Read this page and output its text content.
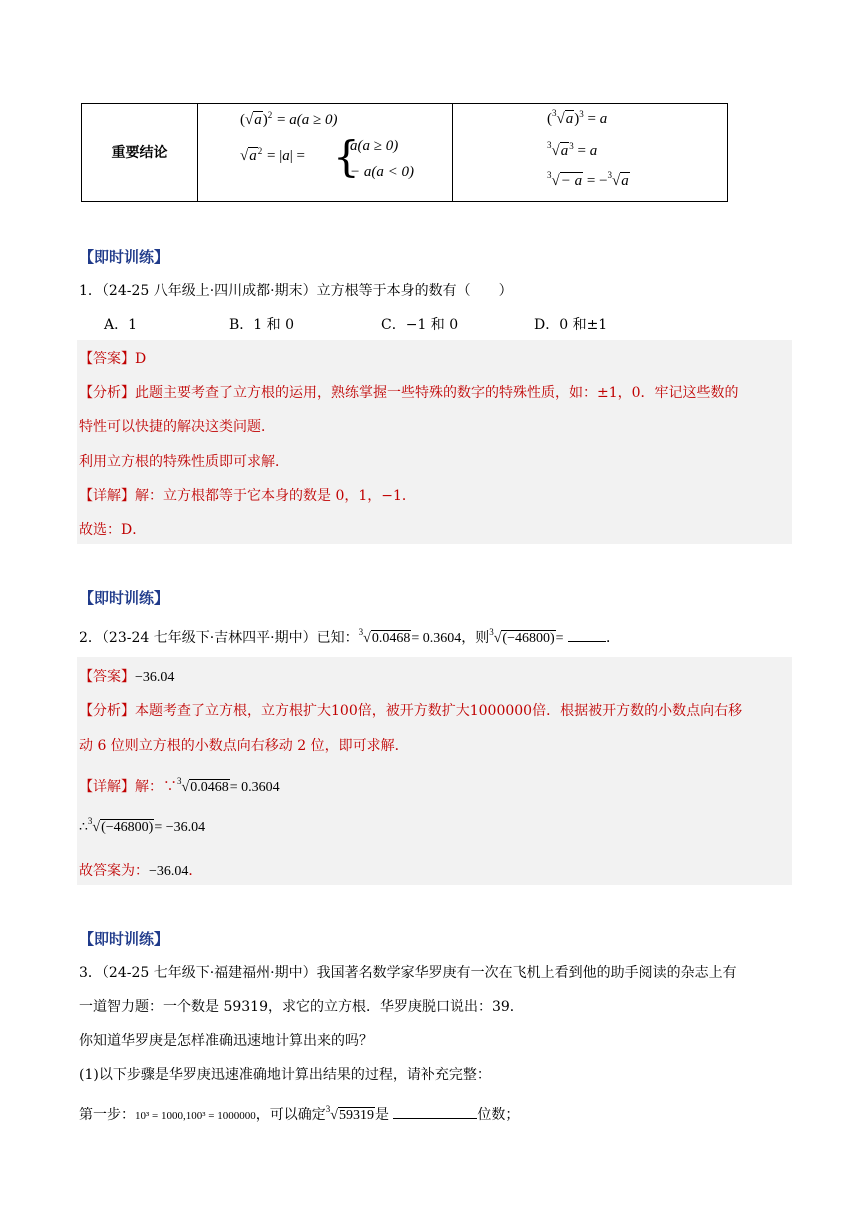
重要结论

$(√a)^2 = a(a \ge 0)$
$√a^2 = |a|$ = {
a(a ≥ 0)
− a(a < 0)

$(^3√a)^3 = a$
$^3√a^3 = a$
$^3$√− a = −$^3$√a
【即时训练】
1．（24-25 八年级上·四川成都·期末）立方根等于本身的数有（　　）
A．1	B．1 和 0	C．−1 和 0	D．0 和±1
【答案】D
【分析】此题主要考查了立方根的运用，熟练掌握一些特殊的数字的特殊性质，如：±1，0．牢记这些数的
特性可以快捷的解决这类问题．
利用立方根的特殊性质即可求解．
【详解】解：立方根都等于它本身的数是 0，1，−1．
故选：D．
【即时训练】
2．（23-24 七年级下·吉林四平·期中）已知：$^3$√0.0468= 0.3604，则$^3$√(−46800)=	．
【答案】−36.04
【分析】本题考查了立方根，立方根扩大100倍，被开方数扩大1000000倍．根据被开方数的小数点向右移
动 6 位则立方根的小数点向右移动 2 位，即可求解．
【详解】解：∵$^3$√0.0468= 0.3604
∴$^3$√(−46800)= −36.04
故答案为：−36.04．
【即时训练】
3．（24-25 七年级下·福建福州·期中）我国著名数学家华罗庚有一次在飞机上看到他的助手阅读的杂志上有
一道智力题：一个数是 59319，求它的立方根．华罗庚脱口说出：39．
你知道华罗庚是怎样准确迅速地计算出来的吗？
(1)以下步骤是华罗庚迅速准确地计算出结果的过程，请补充完整：
第一步：10³ = 1000,100³ = 1000000，可以确定$^3$√59319是	位数；
